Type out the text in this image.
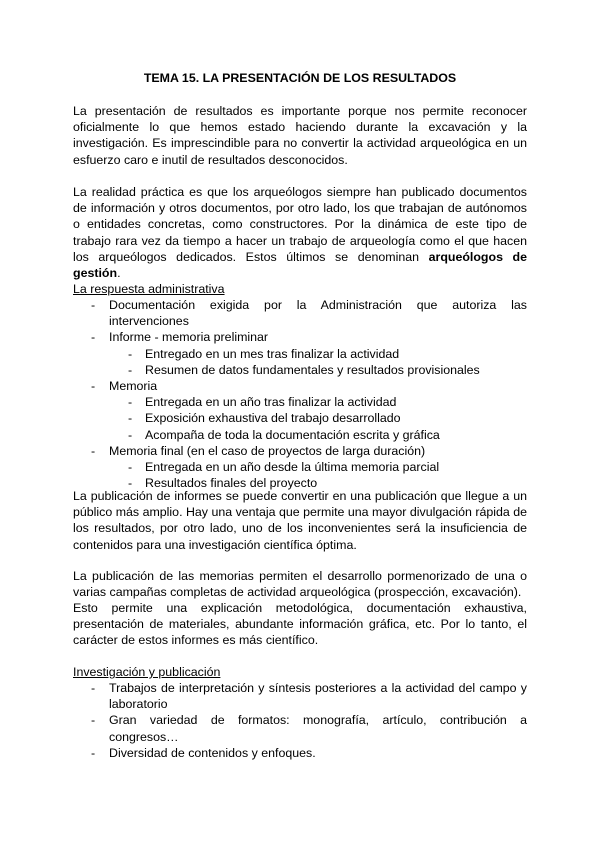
TEMA 15. LA PRESENTACIÓN DE LOS RESULTADOS

La presentación de resultados es importante porque nos permite reconocer oficialmente lo que hemos estado haciendo durante la excavación y la investigación. Es imprescindible para no convertir la actividad arqueológica en un esfuerzo caro e inutil de resultados desconocidos.

La realidad práctica es que los arqueólogos siempre han publicado documentos de información y otros documentos, por otro lado, los que trabajan de autónomos o entidades concretas, como constructores. Por la dinámica de este tipo de trabajo rara vez da tiempo a hacer un trabajo de arqueología como el que hacen los arqueólogos dedicados. Estos últimos se denominan arqueólogos de gestión.

La respuesta administrativa

- Documentación exigida por la Administración que autoriza las intervenciones
- Informe - memoria preliminar
- Entregado en un mes tras finalizar la actividad
- Resumen de datos fundamentales y resultados provisionales
- Memoria
- Entregada en un año tras finalizar la actividad
- Exposición exhaustiva del trabajo desarrollado
- Acompaña de toda la documentación escrita y gráfica
- Memoria final (en el caso de proyectos de larga duración)
- Entregada en un año desde la última memoria parcial
- Resultados finales del proyecto

La publicación de informes se puede convertir en una publicación que llegue a un público más amplio. Hay una ventaja que permite una mayor divulgación rápida de los resultados, por otro lado, uno de los inconvenientes será la insuficiencia de contenidos para una investigación científica óptima.

La publicación de las memorias permiten el desarrollo pormenorizado de una o varias campañas completas de actividad arqueológica (prospección, excavación).

Esto permite una explicación metodológica, documentación exhaustiva, presentación de materiales, abundante información gráfica, etc. Por lo tanto, el carácter de estos informes es más científico.

Investigación y publicación

- Trabajos de interpretación y síntesis posteriores a la actividad del campo y laboratorio
- Gran variedad de formatos: monografía, artículo, contribución a congresos…
- Diversidad de contenidos y enfoques.
